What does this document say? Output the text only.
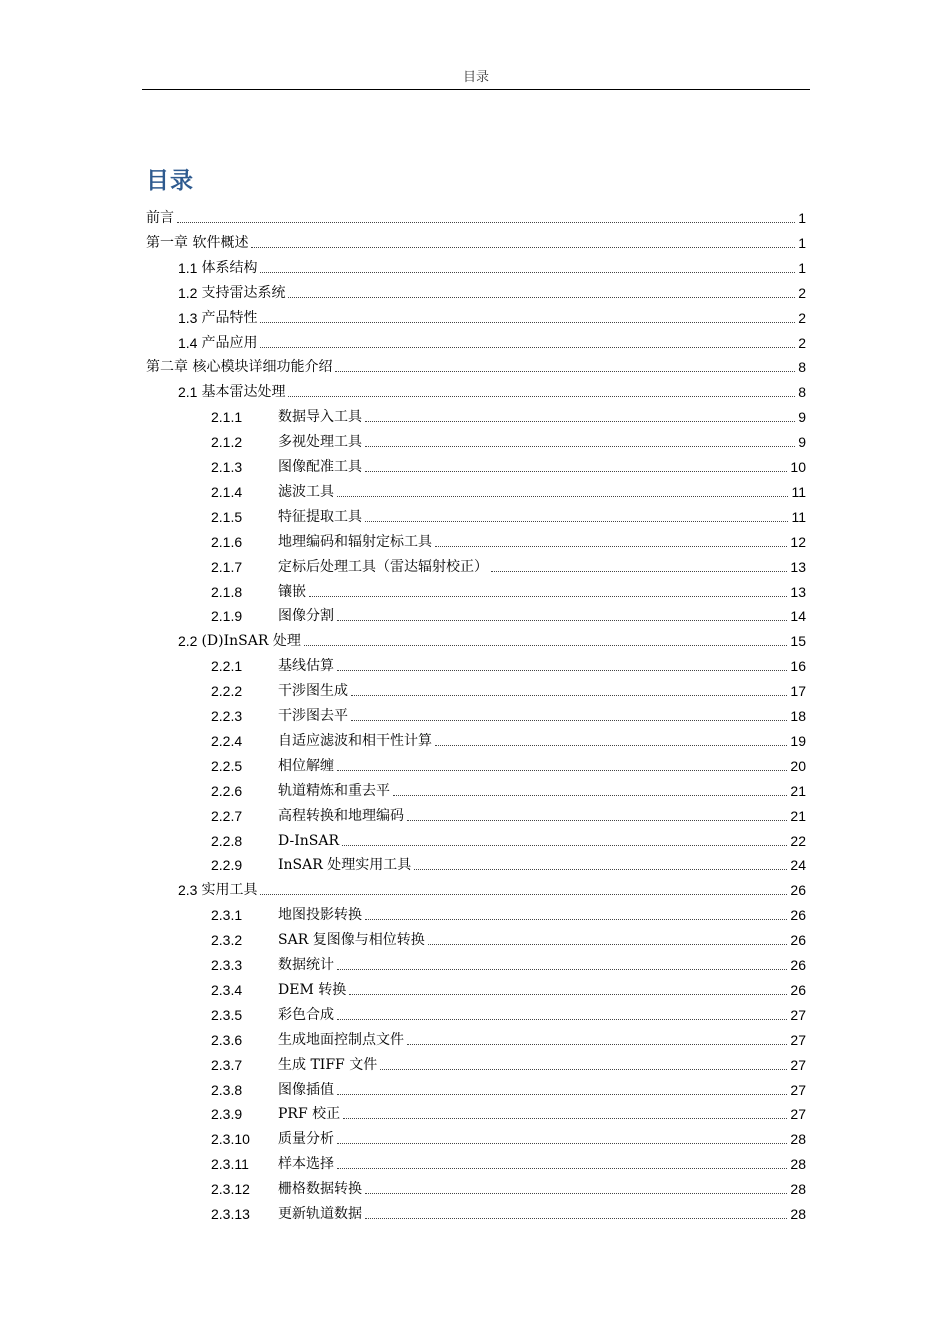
目录
目录
前言	1
第一章 软件概述	1
1.1 体系结构	1
1.2 支持雷达系统	2
1.3 产品特性	2
1.4 产品应用	2
第二章 核心模块详细功能介绍	8
2.1 基本雷达处理	8
2.1.1	数据导入工具	9
2.1.2	多视处理工具	9
2.1.3	图像配准工具	10
2.1.4	滤波工具	11
2.1.5	特征提取工具	11
2.1.6	地理编码和辐射定标工具	12
2.1.7	定标后处理工具（雷达辐射校正）	13
2.1.8	镶嵌	13
2.1.9	图像分割	14
2.2 (D)InSAR 处理	15
2.2.1	基线估算	16
2.2.2	干涉图生成	17
2.2.3	干涉图去平	18
2.2.4	自适应滤波和相干性计算	19
2.2.5	相位解缠	20
2.2.6	轨道精炼和重去平	21
2.2.7	高程转换和地理编码	21
2.2.8	D-InSAR	22
2.2.9	InSAR 处理实用工具	24
2.3 实用工具	26
2.3.1	地图投影转换	26
2.3.2	SAR 复图像与相位转换	26
2.3.3	数据统计	26
2.3.4	DEM 转换	26
2.3.5	彩色合成	27
2.3.6	生成地面控制点文件	27
2.3.7	生成 TIFF 文件	27
2.3.8	图像插值	27
2.3.9	PRF 校正	27
2.3.10	质量分析	28
2.3.11	样本选择	28
2.3.12	栅格数据转换	28
2.3.13	更新轨道数据	28
